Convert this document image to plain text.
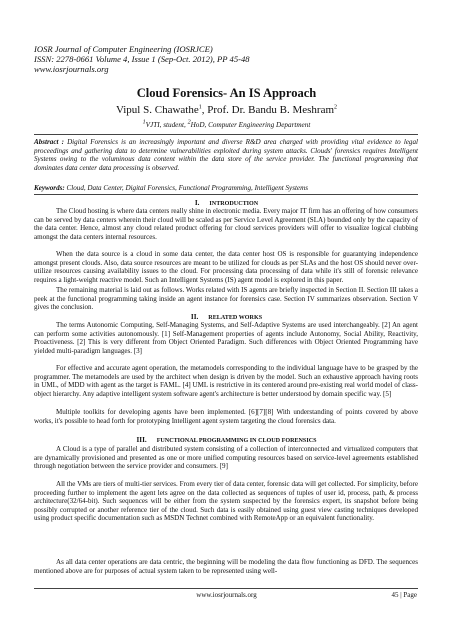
IOSR Journal of Computer Engineering (IOSRJCE)
ISSN: 2278-0661 Volume 4, Issue 1 (Sep-Oct. 2012), PP 45-48
www.iosrjournals.org
Cloud Forensics- An IS Approach
Vipul S. Chawathe$^1$, Prof. Dr. Bandu B. Meshram$^2$
$^1$VJTI, student, $^2$HoD, Computer Engineering Department
Abstract : Digital Forensics is an increasingly important and diverse R&D area charged with providing vital evidence to legal proceedings and gathering data to determine vulnerabilities exploited during system attacks. Clouds' forensics requires Intelligent Systems owing to the voluminous data content within the data store of the service provider. The functional programming that dominates data center data processing is observed.
Keywords: Cloud, Data Center, Digital Forensics, Functional Programming, Intelligent Systems
I. INTRODUCTION
The Cloud hosting is where data centers really shine in electronic media. Every major IT firm has an offering of how consumers can be served by data centers wherein their cloud will be scaled as per Service Level Agreement (SLA) bounded only by the capacity of the data center. Hence, almost any cloud related product offering for cloud services providers will offer to visualize logical clubbing amongst the data centers internal resources.
When the data source is a cloud in some data center, the data center host OS is responsible for guarantying independence amongst present clouds. Also, data source resources are meant to be utilized for clouds as per SLAs and the host OS should never over-utilize resources causing availability issues to the cloud. For processing data processing of data while it's still of forensic relevance requires a light-weight reactive model. Such an Intelligent Systems (IS) agent model is explored in this paper.
The remaining material is laid out as follows. Works related with IS agents are briefly inspected in Section II. Section III takes a peek at the functional programming taking inside an agent instance for forensics case. Section IV summarizes observation. Section V gives the conclusion.
II. RELATED WORKS
The terms Autonomic Computing, Self-Managing Systems, and Self-Adaptive Systems are used interchangeably. [2] An agent can perform some activities autonomously. [1] Self-Management properties of agents include Autonomy, Social Ability, Reactivity, Proactiveness. [2] This is very different from Object Oriented Paradigm. Such differences with Object Oriented Programming have yielded multi-paradigm languages. [3]
For effective and accurate agent operation, the metamodels corresponding to the individual language have to be grasped by the programmer. The metamodels are used by the architect when design is driven by the model. Such an exhaustive approach having roots in UML, of MDD with agent as the target is FAML. [4] UML is restrictive in its centered around pre-existing real world model of class-object hierarchy. Any adaptive intelligent system software agent's architecture is better understood by domain specific way. [5]
Multiple toolkits for developing agents have been implemented. [6][7][8] With understanding of points covered by above works, it's possible to head forth for prototyping Intelligent agent system targeting the cloud forensics data.
III. FUNCTIONAL PROGRAMMING IN CLOUD FORENSICS
A Cloud is a type of parallel and distributed system consisting of a collection of interconnected and virtualized computers that are dynamically provisioned and presented as one or more unified computing resources based on service-level agreements established through negotiation between the service provider and consumers. [9]
All the VMs are tiers of multi-tier services. From every tier of data center, forensic data will get collected. For simplicity, before proceeding further to implement the agent lets agree on the data collected as sequences of tuples of user id, process, path, & process architecture(32/64-bit). Such sequences will be either from the system suspected by the forensics expert, its snapshot before being possibly corrupted or another reference tier of the cloud. Such data is easily obtained using guest view casting techniques developed using product specific documentation such as MSDN Technet combined with RemoteApp or an equivalent functionality.
As all data center operations are data centric, the beginning will be modeling the data flow functioning as DFD. The sequences mentioned above are for purposes of actual system taken to be represented using well-
www.iosrjournals.org	45 | Page
